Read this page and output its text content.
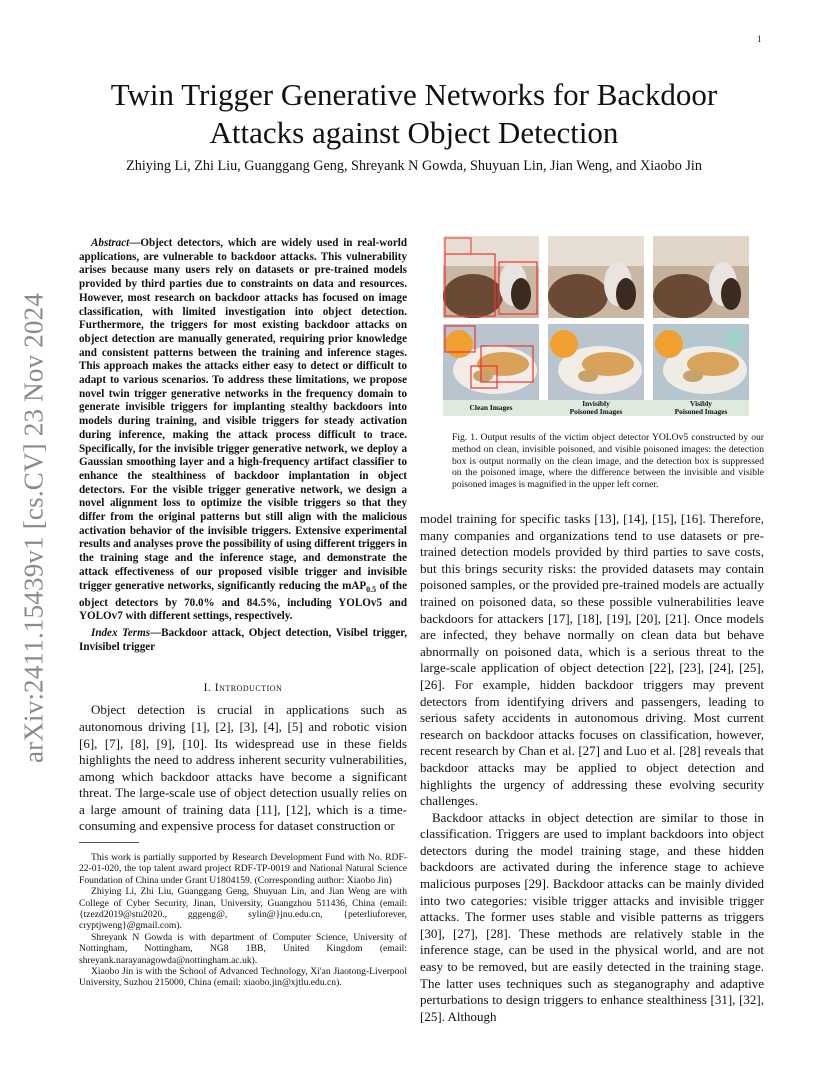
1
arXiv:2411.15439v1 [cs.CV] 23 Nov 2024
Twin Trigger Generative Networks for Backdoor
Attacks against Object Detection
Zhiying Li, Zhi Liu, Guanggang Geng, Shreyank N Gowda, Shuyuan Lin, Jian Weng, and Xiaobo Jin

Abstract—Object detectors, which are widely used in real-world applications, are vulnerable to backdoor attacks. This vulnerability arises because many users rely on datasets or pre-trained models provided by third parties due to constraints on data and resources. However, most research on backdoor attacks has focused on image classification, with limited investigation into object detection. Furthermore, the triggers for most existing backdoor attacks on object detection are manually generated, requiring prior knowledge and consistent patterns between the training and inference stages. This approach makes the attacks either easy to detect or difficult to adapt to various scenarios. To address these limitations, we propose novel twin trigger generative networks in the frequency domain to generate invisible triggers for implanting stealthy backdoors into models during training, and visible triggers for steady activation during inference, making the attack process difficult to trace. Specifically, for the invisible trigger generative network, we deploy a Gaussian smoothing layer and a high-frequency artifact classifier to enhance the stealthiness of backdoor implantation in object detectors. For the visible trigger generative network, we design a novel alignment loss to optimize the visible triggers so that they differ from the original patterns but still align with the malicious activation behavior of the invisible triggers. Extensive experimental results and analyses prove the possibility of using different triggers in the training stage and the inference stage, and demonstrate the attack effectiveness of our proposed visible trigger and invisible trigger generative networks, significantly reducing the mAP$_{0.5}$ of the object detectors by 70.0% and 84.5%, including YOLOv5 and YOLOv7 with different settings, respectively.

Index Terms—Backdoor attack, Object detection, Visibel trigger, Invisibel trigger

I. Introduction

Object detection is crucial in applications such as autonomous driving [1], [2], [3], [4], [5] and robotic vision [6], [7], [8], [9], [10]. Its widespread use in these fields highlights the need to address inherent security vulnerabilities, among which backdoor attacks have become a significant threat. The large-scale use of object detection usually relies on a large amount of training data [11], [12], which is a time-consuming and expensive process for dataset construction or

This work is partially supported by Research Development Fund with No. RDF-22-01-020, the top talent award project RDF-TP-0019 and National Natural Science Foundation of China under Grant U1804159. (Corresponding author: Xiaobo Jin)

Zhiying Li, Zhi Liu, Guanggang Geng, Shuyuan Lin, and Jian Weng are with College of Cyber Security, Jinan, University, Guangzhou 511436, China (email: {tzezd2019@stu2020., gggeng@, sylin@}jnu.edu.cn, {peterliuforever, cryptjweng}@gmail.com).

Shreyank N Gowda is with department of Computer Science, University of Nottingham, Nottingham, NG8 1BB, United Kingdom (email: shreyank.narayanagowda@nottingham.ac.uk).

Xiaobo Jin is with the School of Advanced Technology, Xi'an Jiaotong-Liverpool University, Suzhou 215000, China (email: xiaobo.jin@xjtlu.edu.cn).

Clean Images	Invisibly
Poisoned Images
Visibly
Poisoned Images
Fig. 1. Output results of the victim object detector YOLOv5 constructed by our method on clean, invisible poisoned, and visible poisoned images: the detection box is output normally on the clean image, and the detection box is suppressed on the poisoned image, where the difference between the invisible and visible poisoned images is magnified in the upper left corner.

model training for specific tasks [13], [14], [15], [16]. Therefore, many companies and organizations tend to use datasets or pre-trained detection models provided by third parties to save costs, but this brings security risks: the provided datasets may contain poisoned samples, or the provided pre-trained models are actually trained on poisoned data, so these possible vulnerabilities leave backdoors for attackers [17], [18], [19], [20], [21]. Once models are infected, they behave normally on clean data but behave abnormally on poisoned data, which is a serious threat to the large-scale application of object detection [22], [23], [24], [25], [26]. For example, hidden backdoor triggers may prevent detectors from identifying drivers and passengers, leading to serious safety accidents in autonomous driving. Most current research on backdoor attacks focuses on classification, however, recent research by Chan et al. [27] and Luo et al. [28] reveals that backdoor attacks may be applied to object detection and highlights the urgency of addressing these evolving security challenges.

Backdoor attacks in object detection are similar to those in classification. Triggers are used to implant backdoors into object detectors during the model training stage, and these hidden backdoors are activated during the inference stage to achieve malicious purposes [29]. Backdoor attacks can be mainly divided into two categories: visible trigger attacks and invisible trigger attacks. The former uses stable and visible patterns as triggers [30], [27], [28]. These methods are relatively stable in the inference stage, can be used in the physical world, and are not easy to be removed, but are easily detected in the training stage. The latter uses techniques such as steganography and adaptive perturbations to design triggers to enhance stealthiness [31], [32], [25]. Although
